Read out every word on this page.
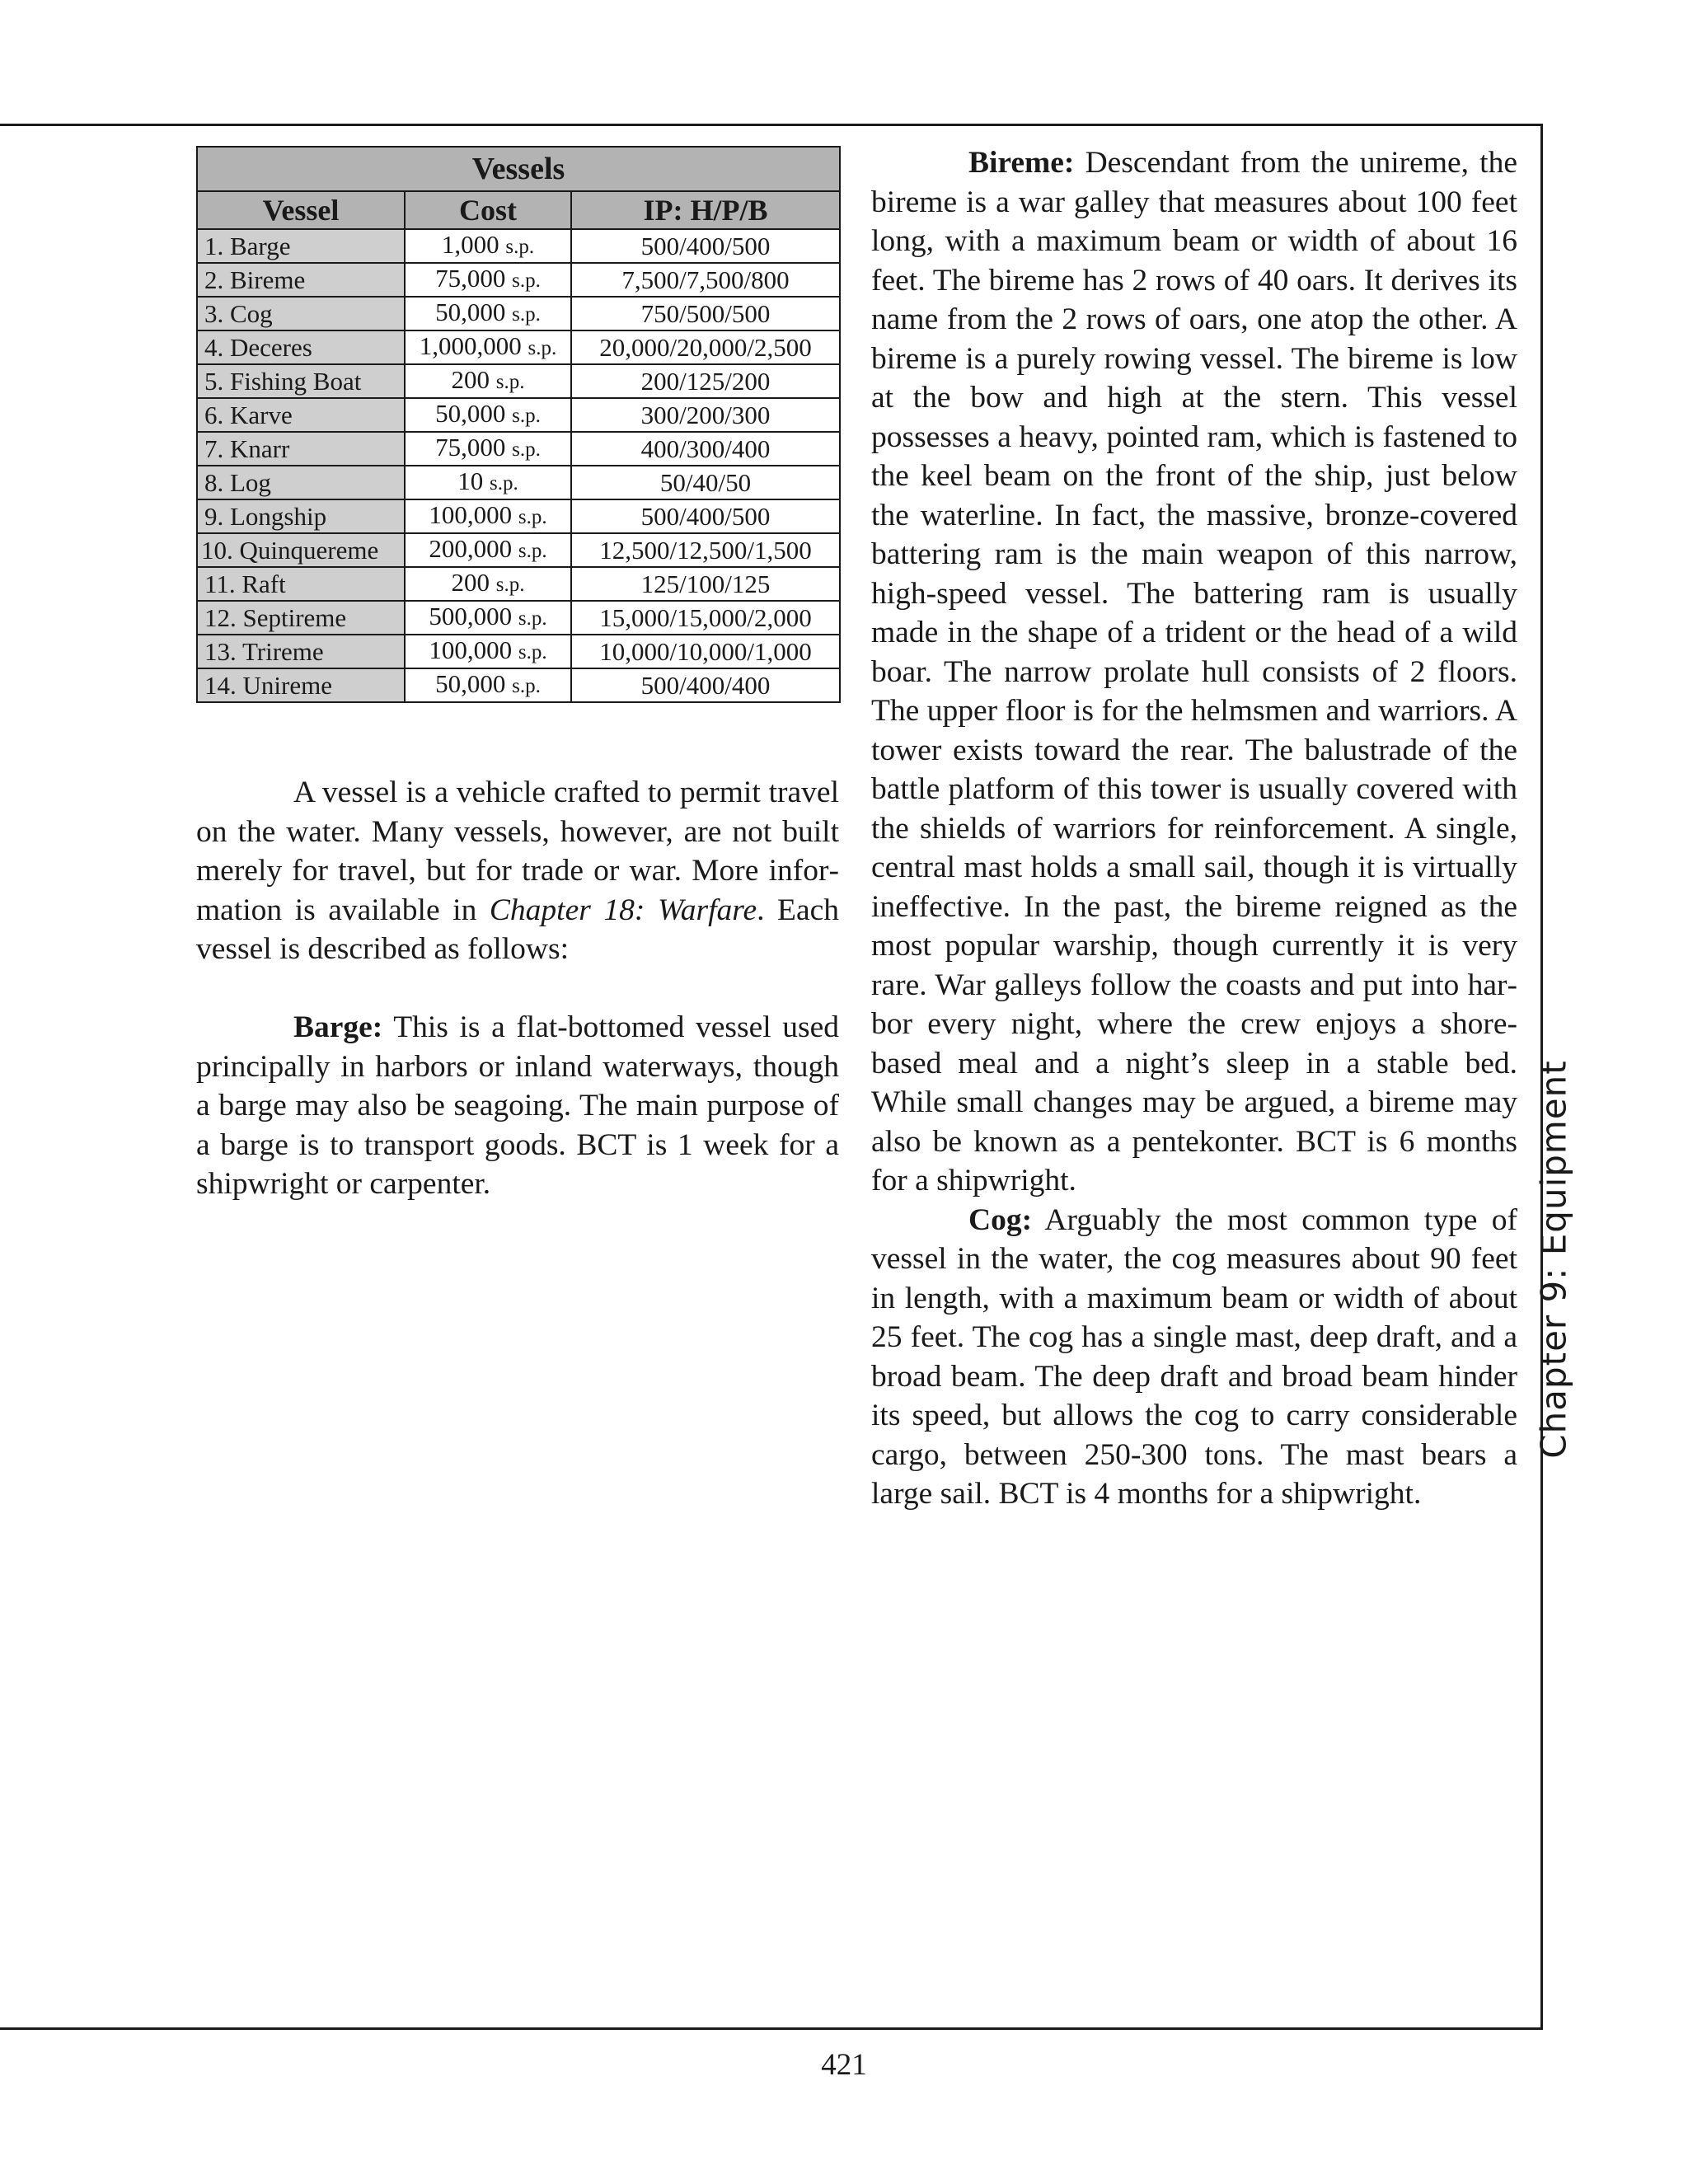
Vessels		
Vessel	Cost	IP: H/P/B
1. Barge	1,000 s.p.	500/400/500
2. Bireme	75,000 s.p.	7,500/7,500/800
3. Cog	50,000 s.p.	750/500/500
4. Deceres	1,000,000 s.p.	20,000/20,000/2,500
5. Fishing Boat	200 s.p.	200/125/200
6. Karve	50,000 s.p.	300/200/300
7. Knarr	75,000 s.p.	400/300/400
8. Log	10 s.p.	50/40/50
9. Longship	100,000 s.p.	500/400/500
10. Quinquereme	200,000 s.p.	12,500/12,500/1,500
11. Raft	200 s.p.	125/100/125
12. Septireme	500,000 s.p.	15,000/15,000/2,000
13. Trireme	100,000 s.p.	10,000/10,000/1,000
14. Unireme	50,000 s.p.	500/400/400

A vessel is a vehicle crafted to permit travel on the water. Many vessels, however, are not built merely for travel, but for trade or war. More information is available in Chapter 18: Warfare. Each vessel is described as follows:

Barge: This is a flat-bottomed vessel used principally in harbors or inland waterways, though a barge may also be seagoing. The main purpose of a barge is to transport goods. BCT is 1 week for a shipwright or carpenter.

Bireme: Descendant from the unireme, the bireme is a war galley that measures about 100 feet long, with a maximum beam or width of about 16 feet. The bireme has 2 rows of 40 oars. It derives its name from the 2 rows of oars, one atop the other. A bireme is a purely rowing vessel. The bireme is low at the bow and high at the stern. This vessel possesses a heavy, pointed ram, which is fastened to the keel beam on the front of the ship, just below the waterline. In fact, the massive, bronze-covered battering ram is the main weapon of this narrow, high-speed vessel. The battering ram is usually made in the shape of a trident or the head of a wild boar. The narrow prolate hull consists of 2 floors. The upper floor is for the helmsmen and warriors. A tower exists toward the rear. The balustrade of the battle platform of this tower is usually covered with the shields of warriors for reinforcement. A single, central mast holds a small sail, though it is virtually ineffective. In the past, the bireme reigned as the most popular warship, though currently it is very rare. War galleys follow the coasts and put into harbor every night, where the crew enjoys a shore-based meal and a night’s sleep in a stable bed. While small changes may be argued, a bireme may also be known as a pentekonter. BCT is 6 months for a shipwright.

Cog: Arguably the most common type of vessel in the water, the cog measures about 90 feet in length, with a maximum beam or width of about 25 feet. The cog has a single mast, deep draft, and a broad beam. The deep draft and broad beam hinder its speed, but allows the cog to carry considerable cargo, between 250-300 tons. The mast bears a large sail. BCT is 4 months for a shipwright.

Chapter 9: Equipment
421
